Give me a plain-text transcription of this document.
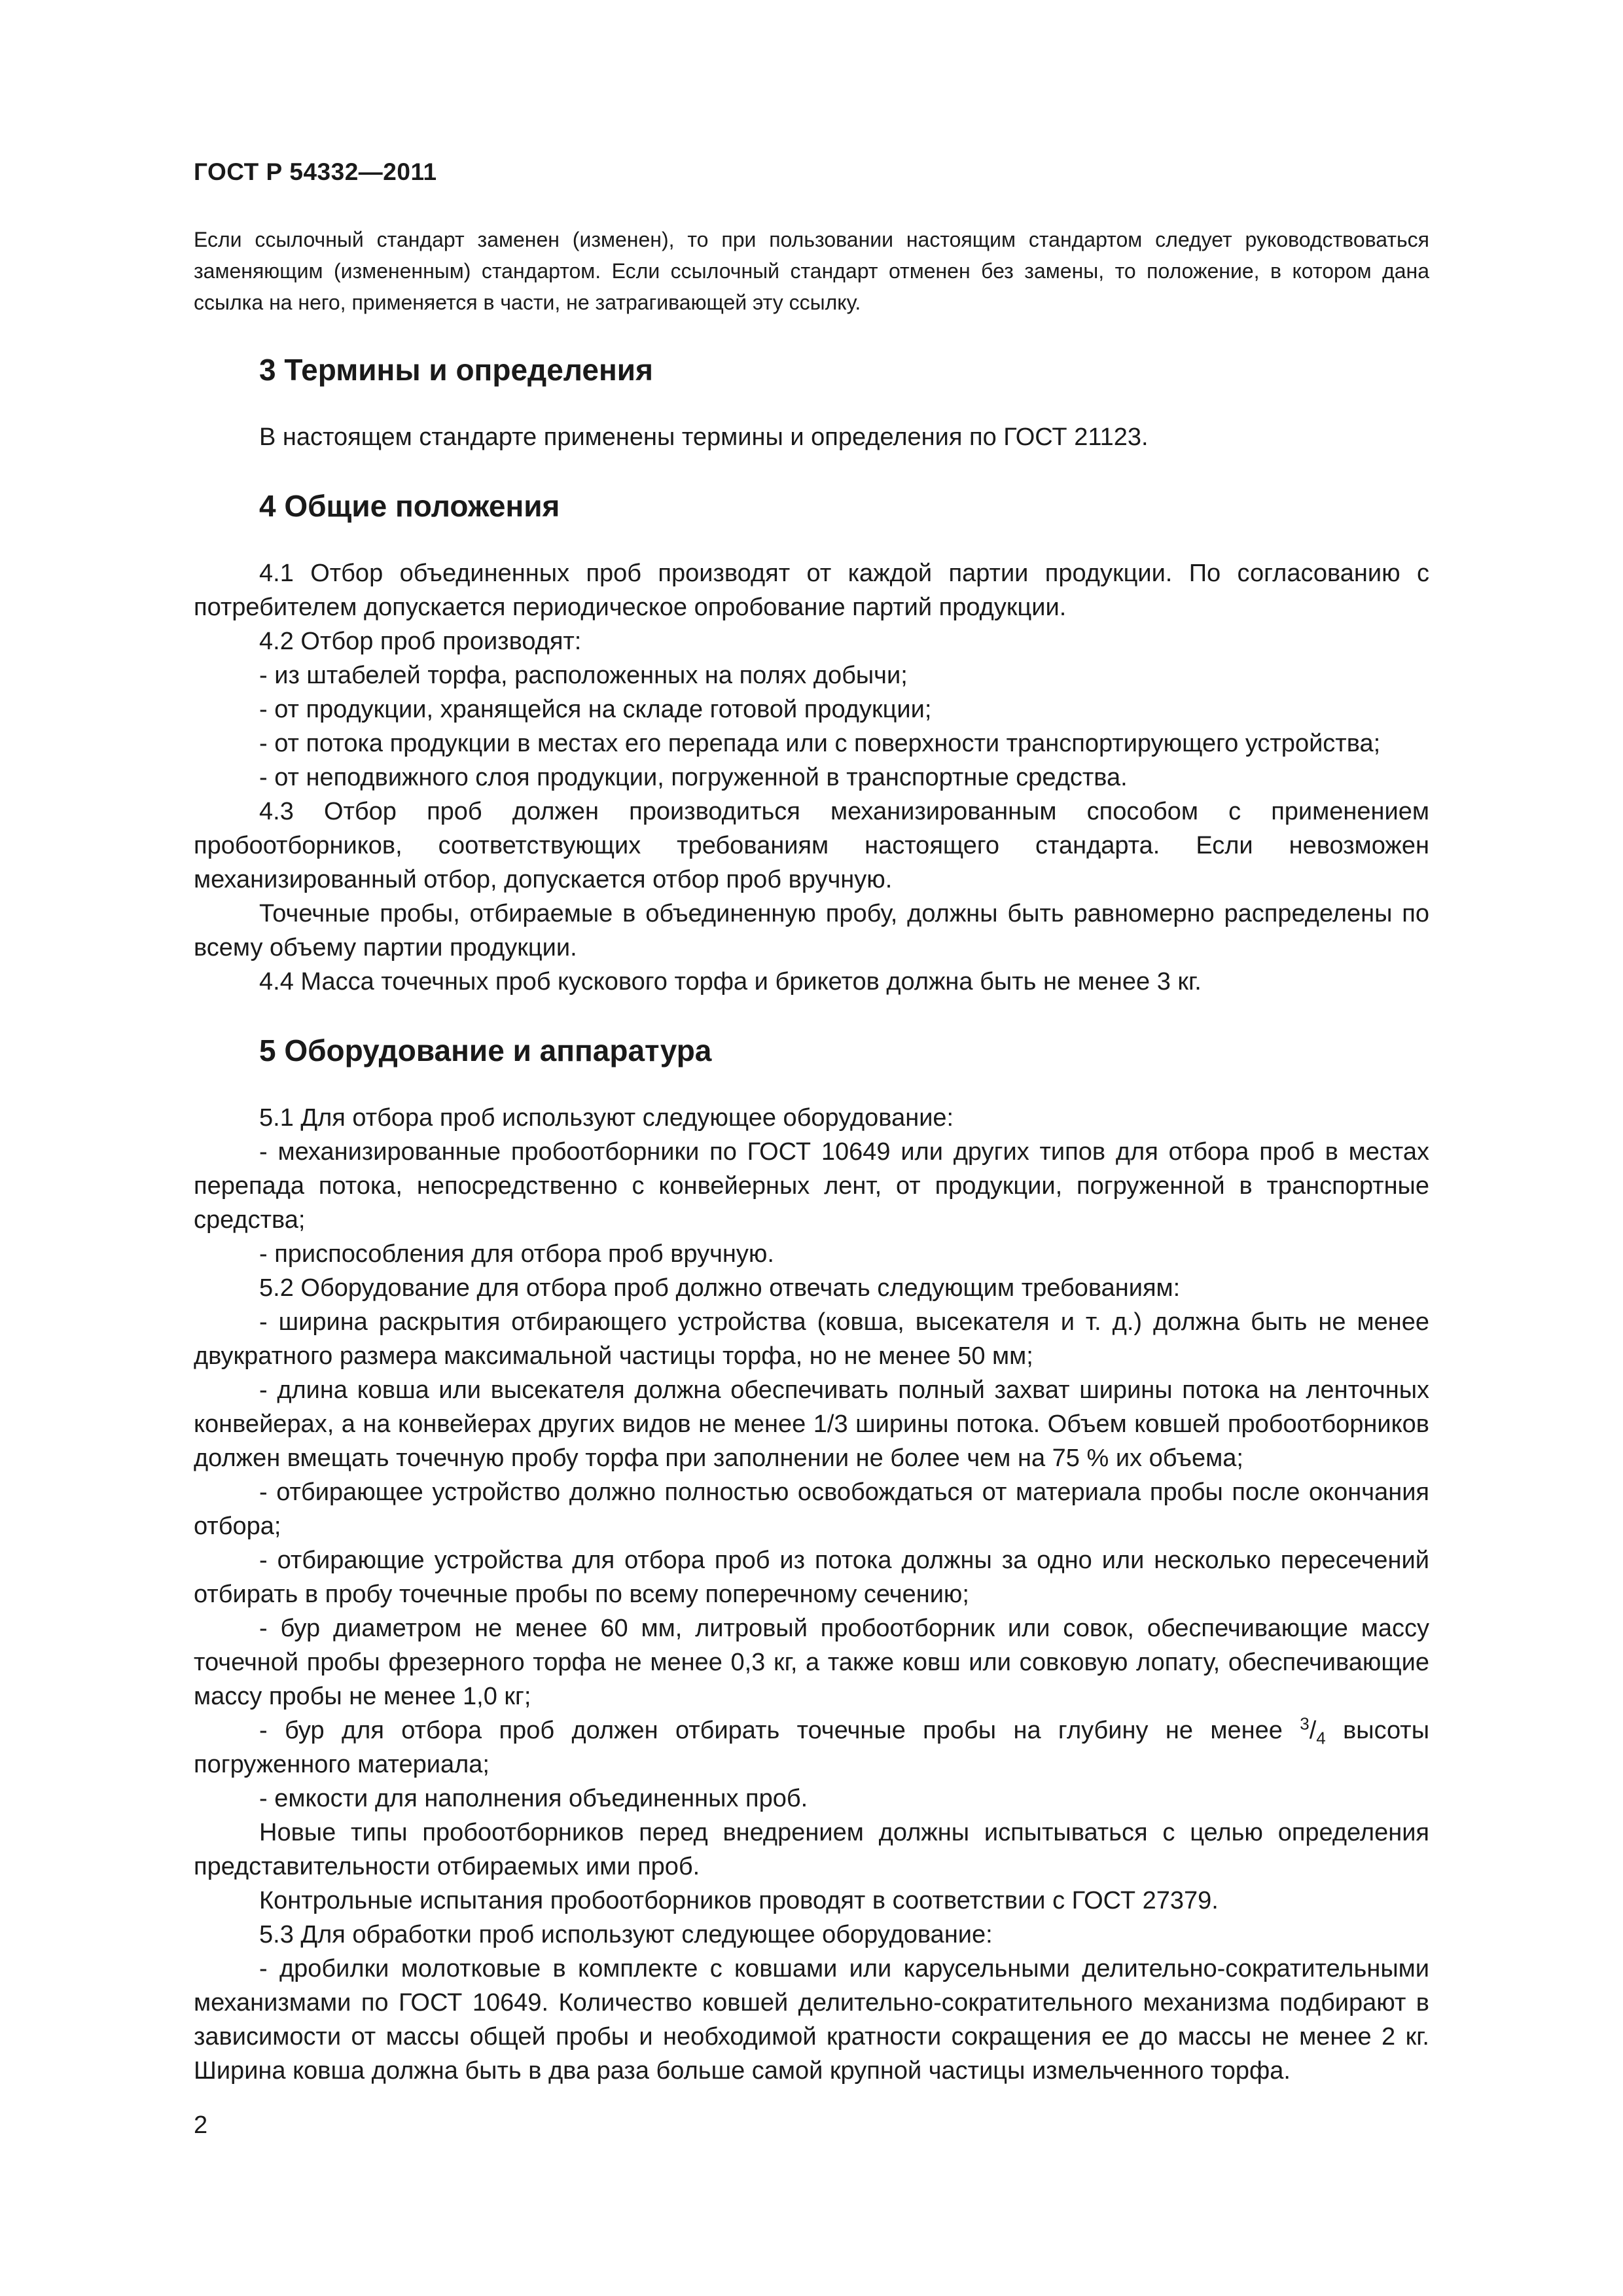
ГОСТ Р 54332—2011

Если ссылочный стандарт заменен (изменен), то при пользовании настоящим стандартом следует руководствоваться заменяющим (измененным) стандартом. Если ссылочный стандарт отменен без замены, то положение, в котором дана ссылка на него, применяется в части, не затрагивающей эту ссылку.

3 Термины и определения

В настоящем стандарте применены термины и определения по ГОСТ 21123.

4 Общие положения

4.1 Отбор объединенных проб производят от каждой партии продукции. По согласованию с потребителем допускается периодическое опробование партий продукции.

4.2 Отбор проб производят:

- из штабелей торфа, расположенных на полях добычи;

- от продукции, хранящейся на складе готовой продукции;

- от потока продукции в местах его перепада или с поверхности транспортирующего устройства;

- от неподвижного слоя продукции, погруженной в транспортные средства.

4.3 Отбор проб должен производиться механизированным способом с применением пробоотборников, соответствующих требованиям настоящего стандарта. Если невозможен механизированный отбор, допускается отбор проб вручную.

Точечные пробы, отбираемые в объединенную пробу, должны быть равномерно распределены по всему объему партии продукции.

4.4 Масса точечных проб кускового торфа и брикетов должна быть не менее 3 кг.

5 Оборудование и аппаратура

5.1 Для отбора проб используют следующее оборудование:

- механизированные пробоотборники по ГОСТ 10649 или других типов для отбора проб в местах перепада потока, непосредственно с конвейерных лент, от продукции, погруженной в транспортные средства;

- приспособления для отбора проб вручную.

5.2 Оборудование для отбора проб должно отвечать следующим требованиям:

- ширина раскрытия отбирающего устройства (ковша, высекателя и т. д.) должна быть не менее двукратного размера максимальной частицы торфа, но не менее 50 мм;

- длина ковша или высекателя должна обеспечивать полный захват ширины потока на ленточных конвейерах, а на конвейерах других видов не менее 1/3 ширины потока. Объем ковшей пробоотборников должен вмещать точечную пробу торфа при заполнении не более чем на 75 % их объема;

- отбирающее устройство должно полностью освобождаться от материала пробы после окончания отбора;

- отбирающие устройства для отбора проб из потока должны за одно или несколько пересечений отбирать в пробу точечные пробы по всему поперечному сечению;

- бур диаметром не менее 60 мм, литровый пробоотборник или совок, обеспечивающие массу точечной пробы фрезерного торфа не менее 0,3 кг, а также ковш или совковую лопату, обеспечивающие массу пробы не менее 1,0 кг;

- бур для отбора проб должен отбирать точечные пробы на глубину не менее $^3/_4$ высоты погруженного материала;

- емкости для наполнения объединенных проб.

Новые типы пробоотборников перед внедрением должны испытываться с целью определения представительности отбираемых ими проб.

Контрольные испытания пробоотборников проводят в соответствии с ГОСТ 27379.

5.3 Для обработки проб используют следующее оборудование:

- дробилки молотковые в комплекте с ковшами или карусельными делительно-сократительными механизмами по ГОСТ 10649. Количество ковшей делительно-сократительного механизма подбирают в зависимости от массы общей пробы и необходимой кратности сокращения ее до массы не менее 2 кг. Ширина ковша должна быть в два раза больше самой крупной частицы измельченного торфа.

2
